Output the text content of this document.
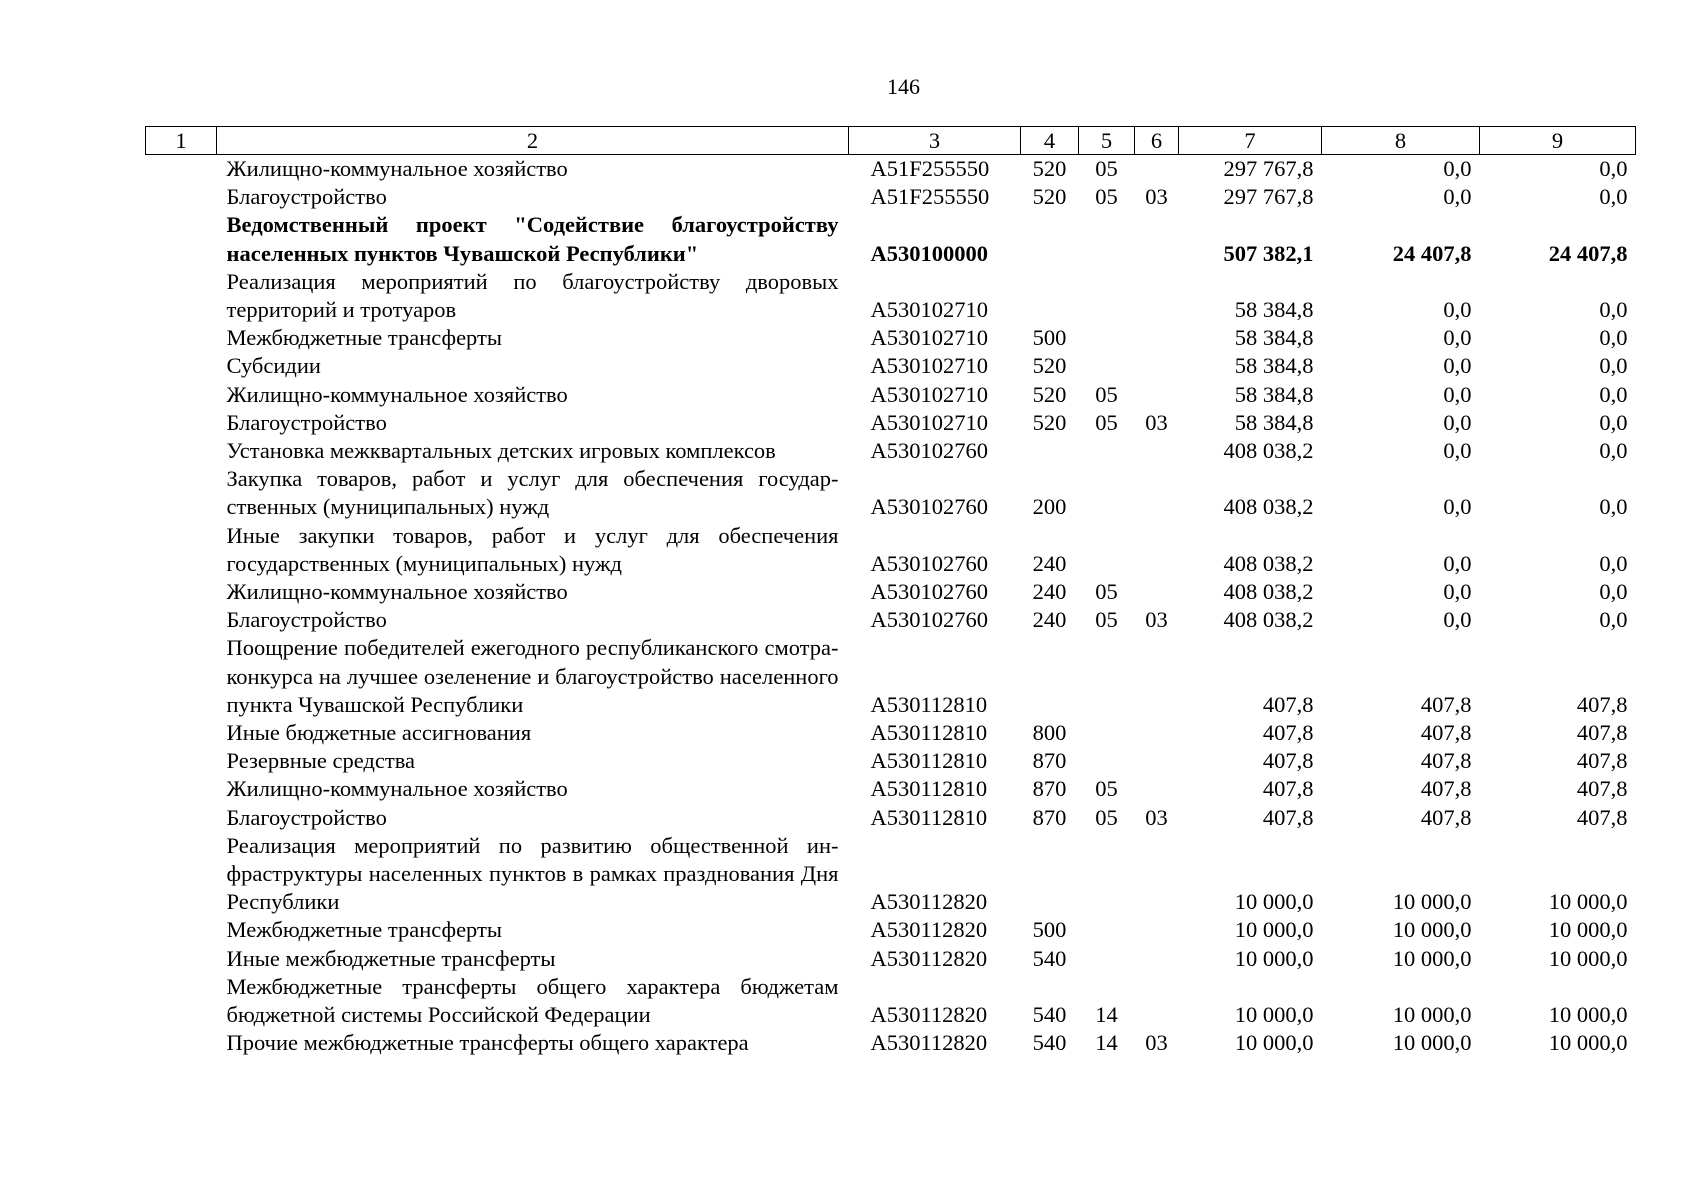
146
1	2	3	4	5	6	7	8	9
	Жилищно-коммунальное хозяйство	А51F255550	520	05		297 767,8	0,0	0,0
	Благоустройство	А51F255550	520	05	03	297 767,8	0,0	0,0
	Ведомственный проект "Содействие благоустройству населенных пунктов Чувашской Республики"	А530100000				507 382,1	24 407,8	24 407,8
	Реализация мероприятий по благоустройству дворовых территорий и тротуаров	А530102710				58 384,8	0,0	0,0
	Межбюджетные трансферты	А530102710	500			58 384,8	0,0	0,0
	Субсидии	А530102710	520			58 384,8	0,0	0,0
	Жилищно-коммунальное хозяйство	А530102710	520	05		58 384,8	0,0	0,0
	Благоустройство	А530102710	520	05	03	58 384,8	0,0	0,0
	Установка межквартальных детских игровых комплексов	А530102760				408 038,2	0,0	0,0
	Закупка товаров, работ и услуг для обеспечения государственных (муниципальных) нужд	А530102760	200			408 038,2	0,0	0,0
	Иные закупки товаров, работ и услуг для обеспечения государственных (муниципальных) нужд	А530102760	240			408 038,2	0,0	0,0
	Жилищно-коммунальное хозяйство	А530102760	240	05		408 038,2	0,0	0,0
	Благоустройство	А530102760	240	05	03	408 038,2	0,0	0,0
	Поощрение победителей ежегодного республиканского смотра-конкурса на лучшее озеленение и благоустройство населенного пункта Чувашской Республики	А530112810				407,8	407,8	407,8
	Иные бюджетные ассигнования	А530112810	800			407,8	407,8	407,8
	Резервные средства	А530112810	870			407,8	407,8	407,8
	Жилищно-коммунальное хозяйство	А530112810	870	05		407,8	407,8	407,8
	Благоустройство	А530112810	870	05	03	407,8	407,8	407,8
	Реализация мероприятий по развитию общественной инфраструктуры населенных пунктов в рамках празднования Дня Республики	А530112820				10 000,0	10 000,0	10 000,0
	Межбюджетные трансферты	А530112820	500			10 000,0	10 000,0	10 000,0
	Иные межбюджетные трансферты	А530112820	540			10 000,0	10 000,0	10 000,0
	Межбюджетные трансферты общего характера бюджетам бюджетной системы Российской Федерации	А530112820	540	14		10 000,0	10 000,0	10 000,0
	Прочие межбюджетные трансферты общего характера	А530112820	540	14	03	10 000,0	10 000,0	10 000,0
